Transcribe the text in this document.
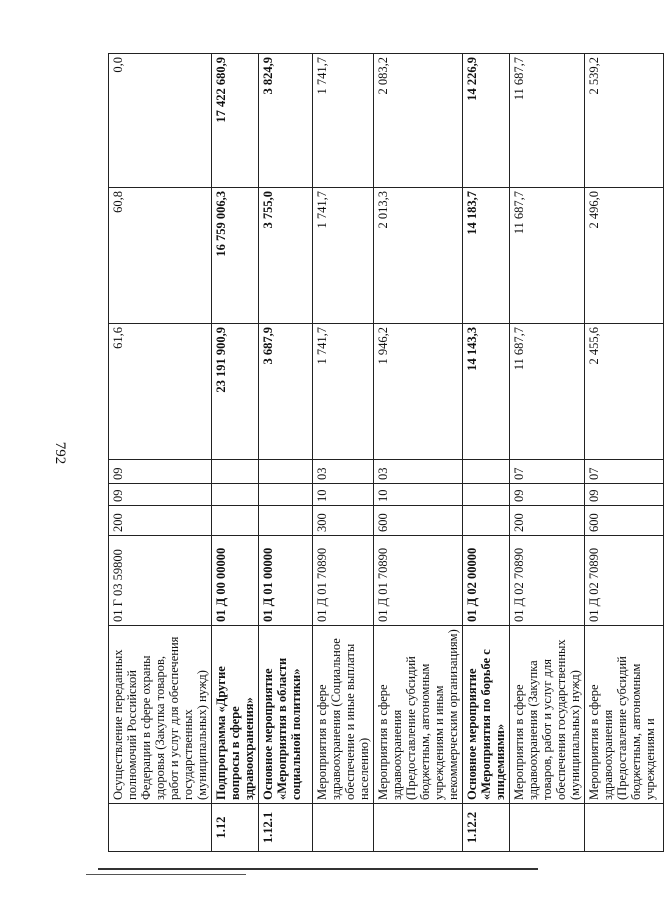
792
	Осуществление переданных полномочий Российской Федерации в сфере охраны здоровья (Закупка товаров, работ и услуг для обеспечения государственных (муниципальных) нужд)	01 Г 03 59800	200	09	09	61,6	60,8	0,0
1.12	Подпрограмма «Другие вопросы в сфере здравоохранения»	01 Д 00 00000				23 191 900,9	16 759 006,3	17 422 680,9
1.12.1	Основное мероприятие «Мероприятия в области социальной политики»	01 Д 01 00000				3 687,9	3 755,0	3 824,9
	Мероприятия в сфере здравоохранения (Социальное обеспечение и иные выплаты населению)	01 Д 01 70890	300	10	03	1 741,7	1 741,7	1 741,7
	Мероприятия в сфере здравоохранения (Предоставление субсидий бюджетным, автономным учреждениям и иным некоммерческим организациям)	01 Д 01 70890	600	10	03	1 946,2	2 013,3	2 083,2
1.12.2	Основное мероприятие «Мероприятия по борьбе с эпидемиями»	01 Д 02 00000				14 143,3	14 183,7	14 226,9
	Мероприятия в сфере здравоохранения (Закупка товаров, работ и услуг для обеспечения государственных (муниципальных) нужд)	01 Д 02 70890	200	09	07	11 687,7	11 687,7	11 687,7
	Мероприятия в сфере здравоохранения (Предоставление субсидий бюджетным, автономным учреждениям и	01 Д 02 70890	600	09	07	2 455,6	2 496,0	2 539,2
